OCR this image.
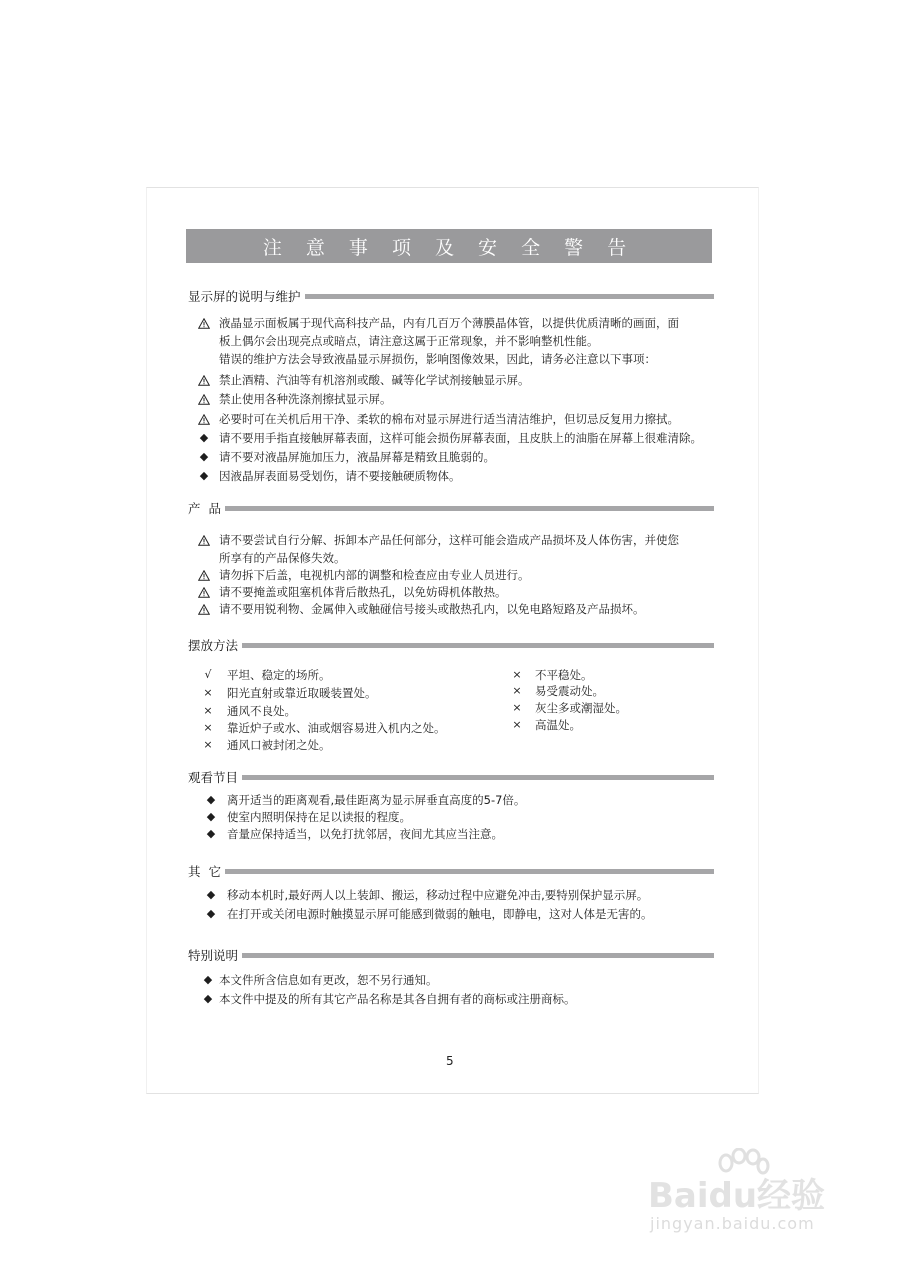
注 意 事 项 及 安 全 警 告
显示屏的说明与维护
液晶显示面板属于现代高科技产品，内有几百万个薄膜晶体管，以提供优质清晰的画面，面
板上偶尔会出现亮点或暗点，请注意这属于正常现象，并不影响整机性能。
错误的维护方法会导致液晶显示屏损伤，影响图像效果，因此，请务必注意以下事项：
禁止酒精、汽油等有机溶剂或酸、碱等化学试剂接触显示屏。
禁止使用各种洗涤剂擦拭显示屏。
必要时可在关机后用干净、柔软的棉布对显示屏进行适当清洁维护，但切忌反复用力擦拭。
◆ 请不要用手指直接触屏幕表面，这样可能会损伤屏幕表面，且皮肤上的油脂在屏幕上很难清除。
◆ 请不要对液晶屏施加压力，液晶屏幕是精致且脆弱的。
◆ 因液晶屏表面易受划伤，请不要接触硬质物体。
产  品
请不要尝试自行分解、拆卸本产品任何部分，这样可能会造成产品损坏及人体伤害，并使您
所享有的产品保修失效。
请勿拆下后盖，电视机内部的调整和检查应由专业人员进行。
请不要掩盖或阻塞机体背后散热孔，以免妨碍机体散热。
请不要用锐利物、金属伸入或触碰信号接头或散热孔内，以免电路短路及产品损坏。
摆放方法
√	平坦、稳定的场所。
× 阳光直射或靠近取暖装置处。
× 通风不良处。
× 靠近炉子或水、油或烟容易进入机内之处。
× 通风口被封闭之处。
× 不平稳处。
× 易受震动处。
× 灰尘多或潮湿处。
× 高温处。
观看节目
◆ 离开适当的距离观看,最佳距离为显示屏垂直高度的5-7倍。
◆ 使室内照明保持在足以读报的程度。
◆ 音量应保持适当，以免打扰邻居，夜间尤其应当注意。
其  它
◆ 移动本机时,最好两人以上装卸、搬运，移动过程中应避免冲击,要特别保护显示屏。
◆ 在打开或关闭电源时触摸显示屏可能感到微弱的触电，即静电，这对人体是无害的。
特别说明
◆ 本文件所含信息如有更改，恕不另行通知。
◆ 本文件中提及的所有其它产品名称是其各自拥有者的商标或注册商标。
5
Baidu经验
jingyan.baidu.com
